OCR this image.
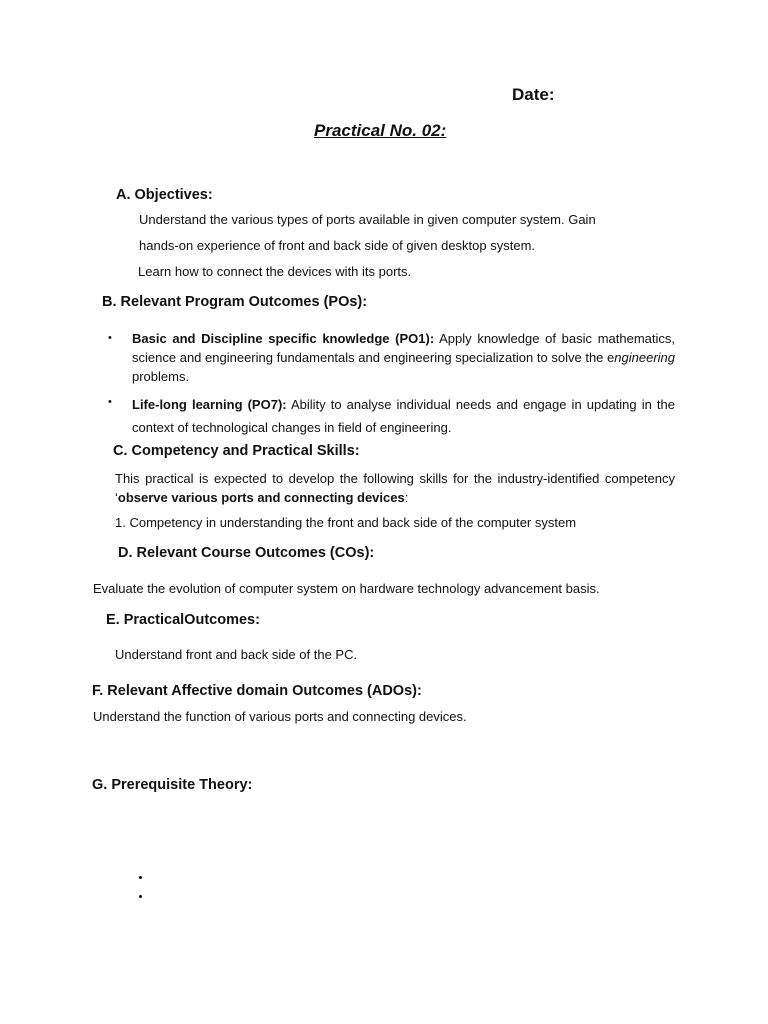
Date:
Practical No. 02:
A. Objectives:
Understand the various types of ports available in given computer system. Gain
hands-on experience of front and back side of given desktop system.
Learn how to connect the devices with its ports.
B. Relevant Program Outcomes (POs):
• Basic and Discipline specific knowledge (PO1): Apply knowledge of basic mathematics, science and engineering fundamentals and engineering specialization to solve the engineering problems.
• Life-long learning (PO7): Ability to analyse individual needs and engage in updating in the context of technological changes in field of engineering.
C. Competency and Practical Skills:
This practical is expected to develop the following skills for the industry-identified competency ‘observe various ports and connecting devices:
1. Competency in understanding the front and back side of the computer system
D. Relevant Course Outcomes (COs):
Evaluate the evolution of computer system on hardware technology advancement basis.
E. PracticalOutcomes:
Understand front and back side of the PC.
F. Relevant Affective domain Outcomes (ADOs):
Understand the function of various ports and connecting devices.
G. Prerequisite Theory:
